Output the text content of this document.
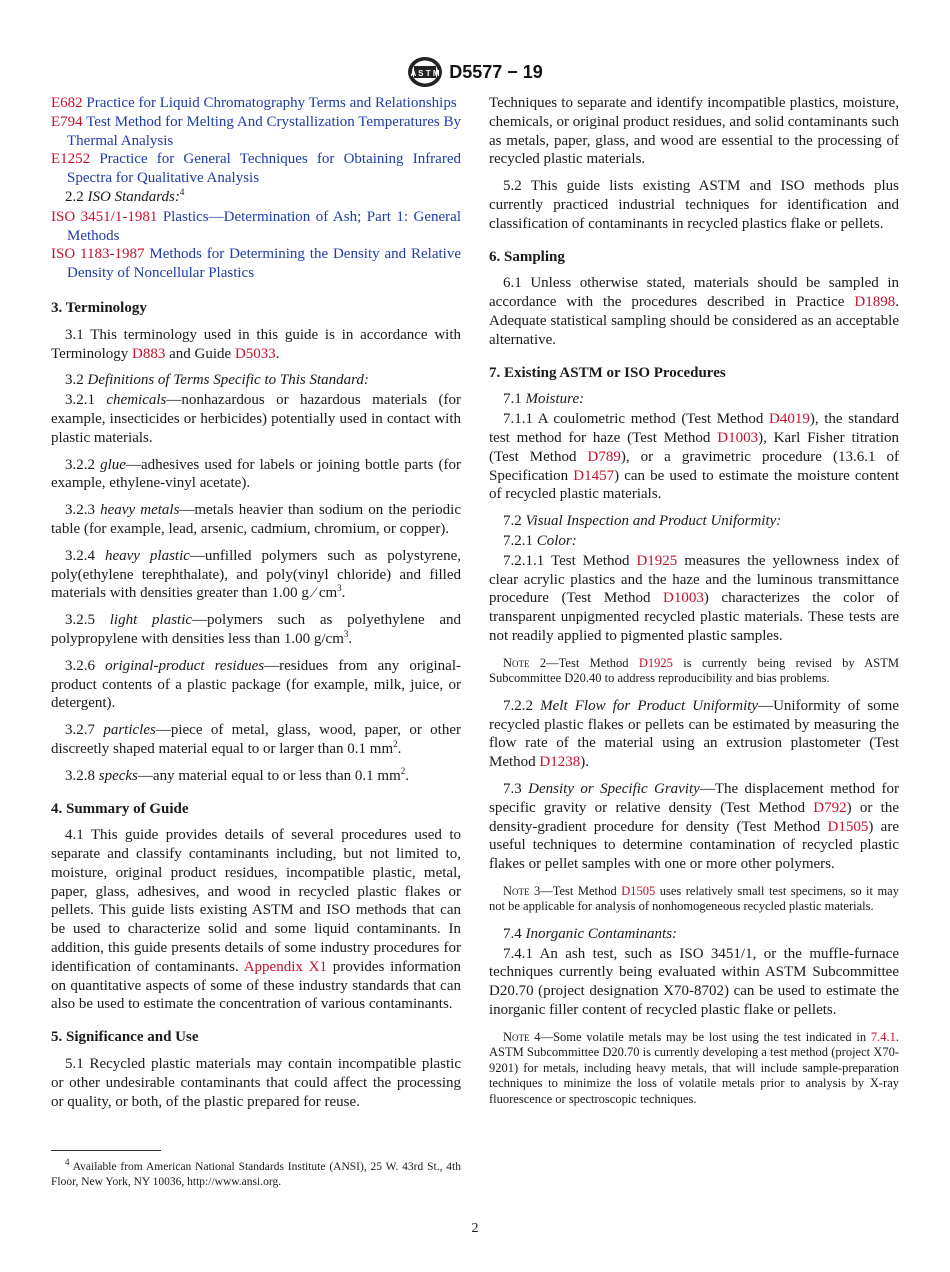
A S T M D5577 − 19

E682 Practice for Liquid Chromatography Terms and Relationships

E794 Test Method for Melting And Crystallization Temperatures By Thermal Analysis

E1252 Practice for General Techniques for Obtaining Infrared Spectra for Qualitative Analysis

2.2 ISO Standards:$^4$

ISO 3451/1-1981 Plastics—Determination of Ash; Part 1: General Methods

ISO 1183-1987 Methods for Determining the Density and Relative Density of Noncellular Plastics

3. Terminology

3.1 This terminology used in this guide is in accordance with Terminology D883 and Guide D5033.

3.2 Definitions of Terms Specific to This Standard:

3.2.1 chemicals—nonhazardous or hazardous materials (for example, insecticides or herbicides) potentially used in contact with plastic materials.

3.2.2 glue—adhesives used for labels or joining bottle parts (for example, ethylene-vinyl acetate).

3.2.3 heavy metals—metals heavier than sodium on the periodic table (for example, lead, arsenic, cadmium, chromium, or copper).

3.2.4 heavy plastic—unfilled polymers such as polystyrene, poly(ethylene terephthalate), and poly(vinyl chloride) and filled materials with densities greater than 1.00 g ⁄ $cm^3$.

3.2.5 light plastic—polymers such as polyethylene and polypropylene with densities less than 1.00 $g/cm^3$.

3.2.6 original-product residues—residues from any original-product contents of a plastic package (for example, milk, juice, or detergent).

3.2.7 particles—piece of metal, glass, wood, paper, or other discreetly shaped material equal to or larger than 0.1 $mm^2$.

3.2.8 specks—any material equal to or less than 0.1 $mm^2$.

4. Summary of Guide

4.1 This guide provides details of several procedures used to separate and classify contaminants including, but not limited to, moisture, original product residues, incompatible plastic, metal, paper, glass, adhesives, and wood in recycled plastic flakes or pellets. This guide lists existing ASTM and ISO methods that can be used to characterize solid and some liquid contaminants. In addition, this guide presents details of some industry procedures for identification of contaminants. Appendix X1 provides information on quantitative aspects of some of these industry standards that can also be used to estimate the concentration of various contaminants.

5. Significance and Use

5.1 Recycled plastic materials may contain incompatible plastic or other undesirable contaminants that could affect the processing or quality, or both, of the plastic prepared for reuse.

$^4$ Available from American National Standards Institute (ANSI), 25 W. 43rd St., 4th Floor, New York, NY 10036, http://www.ansi.org.

Techniques to separate and identify incompatible plastics, moisture, chemicals, or original product residues, and solid contaminants such as metals, paper, glass, and wood are essential to the processing of recycled plastic materials.

5.2 This guide lists existing ASTM and ISO methods plus currently practiced industrial techniques for identification and classification of contaminants in recycled plastics flake or pellets.

6. Sampling

6.1 Unless otherwise stated, materials should be sampled in accordance with the procedures described in Practice D1898. Adequate statistical sampling should be considered as an acceptable alternative.

7. Existing ASTM or ISO Procedures

7.1 Moisture:

7.1.1 A coulometric method (Test Method D4019), the standard test method for haze (Test Method D1003), Karl Fisher titration (Test Method D789), or a gravimetric procedure (13.6.1 of Specification D1457) can be used to estimate the moisture content of recycled plastic materials.

7.2 Visual Inspection and Product Uniformity:

7.2.1 Color:

7.2.1.1 Test Method D1925 measures the yellowness index of clear acrylic plastics and the haze and the luminous transmittance procedure (Test Method D1003) characterizes the color of transparent unpigmented recycled plastic materials. These tests are not readily applied to pigmented plastic samples.

Note 2—Test Method D1925 is currently being revised by ASTM Subcommittee D20.40 to address reproducibility and bias problems.

7.2.2 Melt Flow for Product Uniformity—Uniformity of some recycled plastic flakes or pellets can be estimated by measuring the flow rate of the material using an extrusion plastometer (Test Method D1238).

7.3 Density or Specific Gravity—The displacement method for specific gravity or relative density (Test Method D792) or the density-gradient procedure for density (Test Method D1505) are useful techniques to determine contamination of recycled plastic flakes or pellet samples with one or more other polymers.

Note 3—Test Method D1505 uses relatively small test specimens, so it may not be applicable for analysis of nonhomogeneous recycled plastic materials.

7.4 Inorganic Contaminants:

7.4.1 An ash test, such as ISO 3451/1, or the muffle-furnace techniques currently being evaluated within ASTM Subcommittee D20.70 (project designation X70-8702) can be used to estimate the inorganic filler content of recycled plastic flake or pellets.

Note 4—Some volatile metals may be lost using the test indicated in 7.4.1. ASTM Subcommittee D20.70 is currently developing a test method (project X70-9201) for metals, including heavy metals, that will include sample-preparation techniques to minimize the loss of volatile metals prior to analysis by X-ray fluorescence or spectroscopic techniques.

2
